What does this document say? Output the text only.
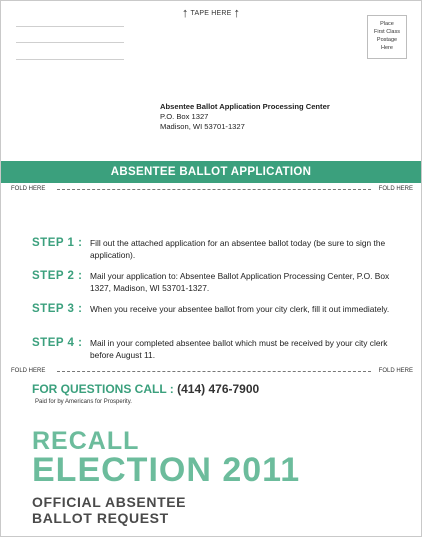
↑ TAPE HERE ↑
Place
First Class
Postage
Here
Absentee Ballot Application Processing Center
P.O. Box 1327
Madison, WI 53701-1327
ABSENTEE BALLOT APPLICATION
FOLD HERE	FOLD HERE
STEP 1 : Fill out the attached application for an absentee ballot today (be sure to sign the application).
STEP 2 : Mail your application to: Absentee Ballot Application Processing Center, P.O. Box 1327, Madison, WI 53701-1327.
STEP 3 : When you receive your absentee ballot from your city clerk, fill it out immediately.
STEP 4 : Mail in your completed absentee ballot which must be received by your city clerk before August 11.
FOLD HERE	FOLD HERE
FOR QUESTIONS CALL : (414) 476-7900
Paid for by Americans for Prosperity.
RECALL
ELECTION 2011
OFFICIAL ABSENTEE
BALLOT REQUEST
